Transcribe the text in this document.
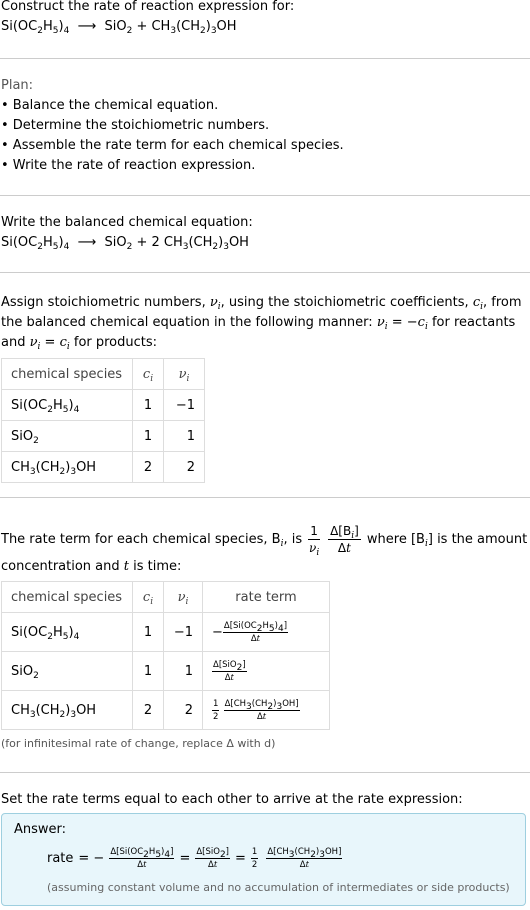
Construct the rate of reaction expression for:
$Si(OC_2H_5)_4$  ⟶  $SiO_2 + CH_3(CH_2)_3OH$
Plan:
• Balance the chemical equation.
• Determine the stoichiometric numbers.
• Assemble the rate term for each chemical species.
• Write the rate of reaction expression.
Write the balanced chemical equation:
$Si(OC_2H_5)_4$  ⟶  SiO$_2$ + 2 $CH_3(CH_2)_3OH$
Assign stoichiometric numbers, $\nu_i$, using the stoichiometric coefficients, $c_i$, from
the balanced chemical equation in the following manner: $\nu_i = -c_i$ for reactants
and $\nu_i = c_i$ for products:
chemical species	$c_i$	$\nu_i$
$Si(OC_2H_5)_4$	1	−1
SiO$_2$	1	1
$CH_3(CH_2)_3OH$	2	2
The rate term for each chemical species, $B_i$, is $\frac{1}{\nu_i}$
$\frac{\Delta[B_i]}{\Delta t}$ where $[B_i]$ is the amount
concentration and t is time:
chemical species	$c_i$	$\nu_i$	rate term
$Si(OC_2H_5)_4$	1	−1	− $\frac{\Delta[Si(OC_2H_5)_4]}{\Delta t}$

SiO$_2$	1	1	$\frac{\Delta[SiO_2]}{\Delta t}$

$CH_3(CH_2)_3OH$	2	2	$\frac{1}{2}$
$\frac{\Delta[CH_3(CH_2)_3OH]}{\Delta t}$
(for infinitesimal rate of change, replace Δ with d)
Set the rate terms equal to each other to arrive at the rate expression:
Answer:
rate = − $\frac{\Delta[Si(OC_2H_5)_4]}{\Delta t} = \frac{\Delta[SiO_2]}{\Delta t} = \frac{1}{2} \frac{\Delta[CH_3(CH_2)_3OH]}{\Delta t}$
(assuming constant volume and no accumulation of intermediates or side products)
